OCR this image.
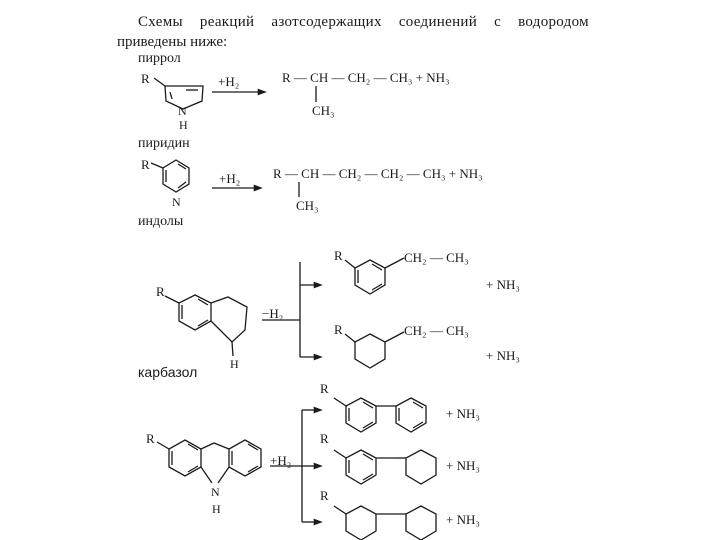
Схемы реакций азотсодержащих соединений с водородом
приведены ниже:
пиррол
пиридин
индолы
карбазол
R
N
H
+H₂	R — CH — CH₂ — CH₃ + NH₃
CH₃
R
N
+H₂	R — CH — CH₂ — CH₂ — CH₃ + NH₃
CH₃
R
H
−H₂
R	CH₂ — CH₃
+ NH₃
R	CH₂ — CH₃
+ NH₃
R
N
H
+H₂
R
+ NH₃
R
+ NH₃
R
+ NH₃
